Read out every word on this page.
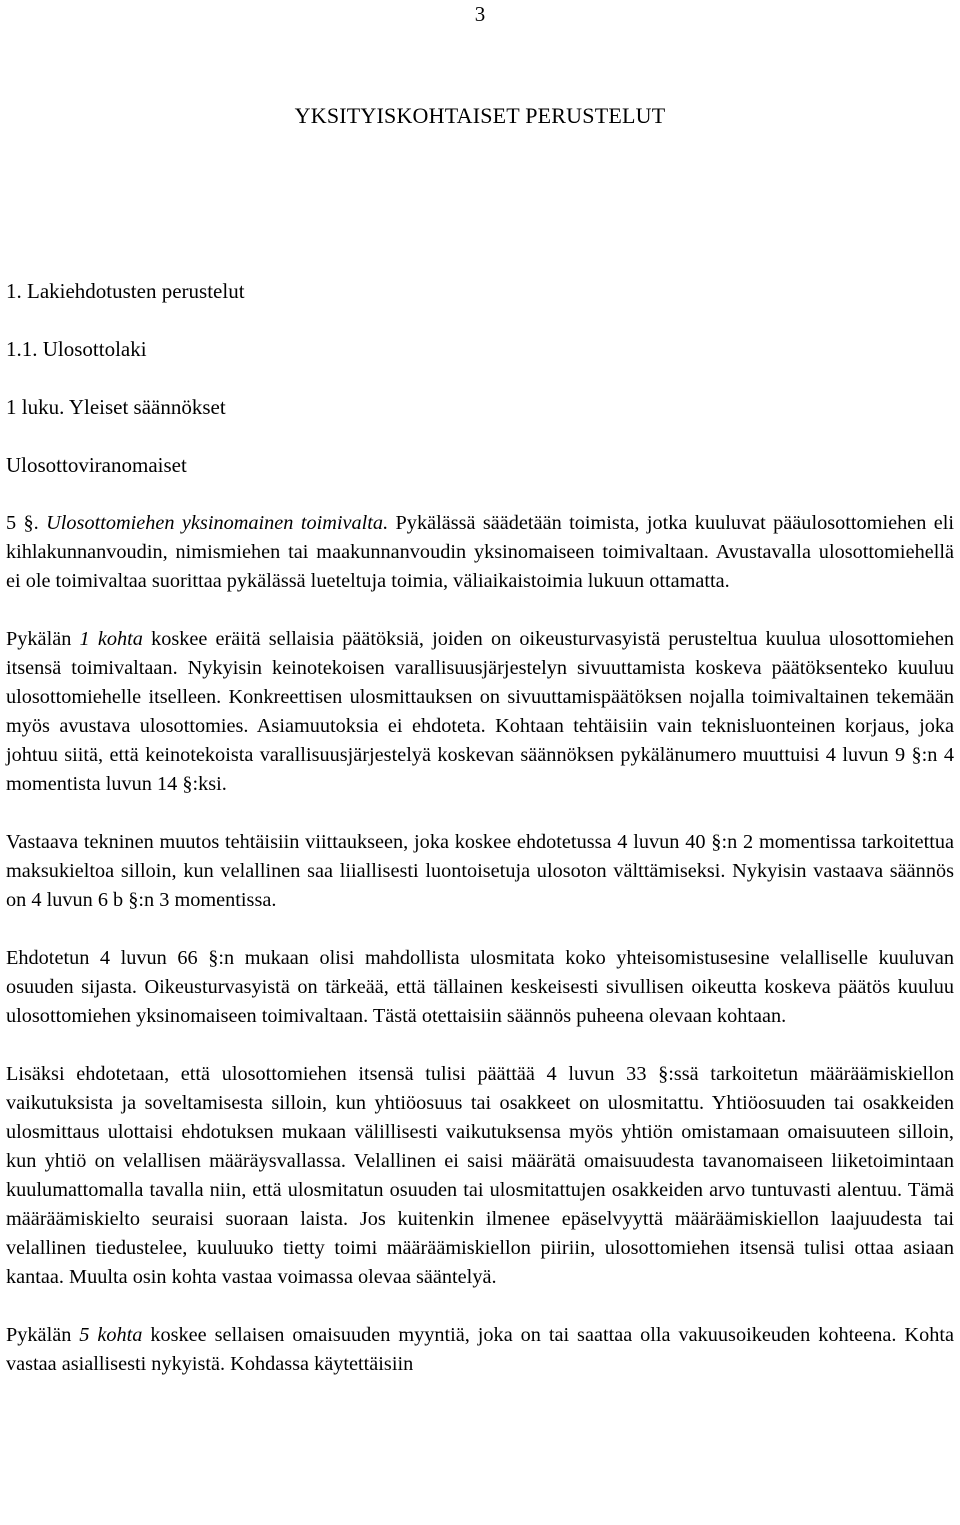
3
YKSITYISKOHTAISET PERUSTELUT
1. Lakiehdotusten perustelut
1.1. Ulosottolaki
1 luku. Yleiset säännökset
Ulosottoviranomaiset

5 §. Ulosottomiehen yksinomainen toimivalta. Pykälässä säädetään toimista, jotka kuuluvat pääulosottomiehen eli kihlakunnanvoudin, nimismiehen tai maakunnanvoudin yksinomaiseen toimivaltaan. Avustavalla ulosottomiehellä ei ole toimivaltaa suorittaa pykälässä lueteltuja toimia, väliaikaistoimia lukuun ottamatta.

Pykälän 1 kohta koskee eräitä sellaisia päätöksiä, joiden on oikeusturvasyistä perusteltua kuulua ulosottomiehen itsensä toimivaltaan. Nykyisin keinotekoisen varallisuusjärjestelyn sivuuttamista koskeva päätöksenteko kuuluu ulosottomiehelle itselleen. Konkreettisen ulosmittauksen on sivuuttamispäätöksen nojalla toimivaltainen tekemään myös avustava ulosottomies. Asiamuutoksia ei ehdoteta. Kohtaan tehtäisiin vain teknisluonteinen korjaus, joka johtuu siitä, että keinotekoista varallisuusjärjestelyä koskevan säännöksen pykälänumero muuttuisi 4 luvun 9 §:n 4 momentista luvun 14 §:ksi.

Vastaava tekninen muutos tehtäisiin viittaukseen, joka koskee ehdotetussa 4 luvun 40 §:n 2 momentissa tarkoitettua maksukieltoa silloin, kun velallinen saa liiallisesti luontoisetuja ulosoton välttämiseksi. Nykyisin vastaava säännös on 4 luvun 6 b §:n 3 momentissa.

Ehdotetun 4 luvun 66 §:n mukaan olisi mahdollista ulosmitata koko yhteisomistusesine velalliselle kuuluvan osuuden sijasta. Oikeusturvasyistä on tärkeää, että tällainen keskeisesti sivullisen oikeutta koskeva päätös kuuluu ulosottomiehen yksinomaiseen toimivaltaan. Tästä otettaisiin säännös puheena olevaan kohtaan.

Lisäksi ehdotetaan, että ulosottomiehen itsensä tulisi päättää 4 luvun 33 §:ssä tarkoitetun määräämiskiellon vaikutuksista ja soveltamisesta silloin, kun yhtiöosuus tai osakkeet on ulosmitattu. Yhtiöosuuden tai osakkeiden ulosmittaus ulottaisi ehdotuksen mukaan välillisesti vaikutuksensa myös yhtiön omistamaan omaisuuteen silloin, kun yhtiö on velallisen määräysvallassa. Velallinen ei saisi määrätä omaisuudesta tavanomaiseen liiketoimintaan kuulumattomalla tavalla niin, että ulosmitatun osuuden tai ulosmitattujen osakkeiden arvo tuntuvasti alentuu. Tämä määräämiskielto seuraisi suoraan laista. Jos kuitenkin ilmenee epäselvyyttä määräämiskiellon laajuudesta tai velallinen tiedustelee, kuuluuko tietty toimi määräämiskiellon piiriin, ulosottomiehen itsensä tulisi ottaa asiaan kantaa. Muulta osin kohta vastaa voimassa olevaa sääntelyä.

Pykälän 5 kohta koskee sellaisen omaisuuden myyntiä, joka on tai saattaa olla vakuusoikeuden kohteena. Kohta vastaa asiallisesti nykyistä. Kohdassa käytettäisiin
